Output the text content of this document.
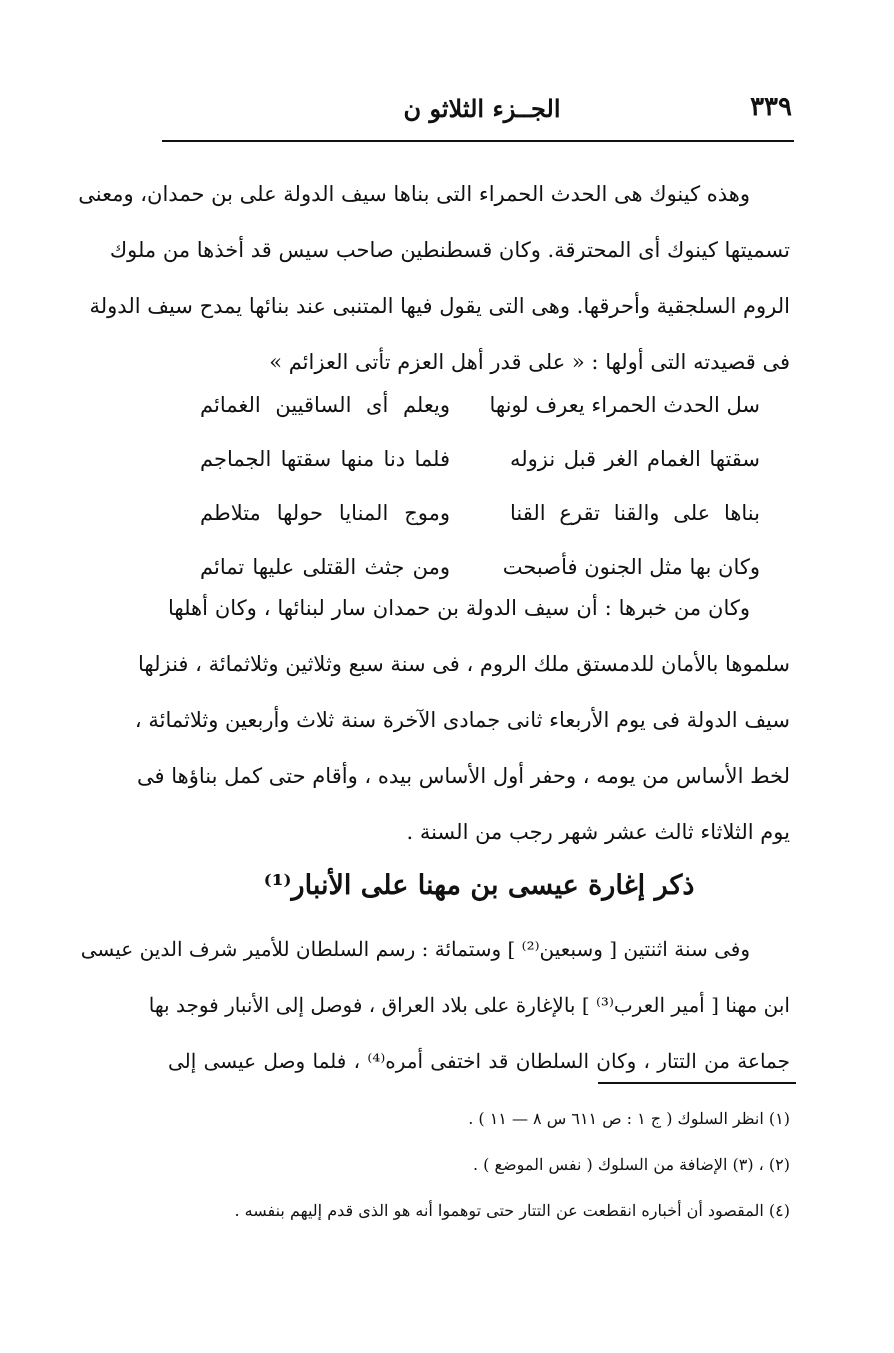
٣٣٩
الجــزء الثلاثو ن
وهذه كينوك هى الحدث الحمراء التى بناها سيف الدولة على بن حمدان، ومعنى
تسميتها كينوك أى المحترقة. وكان قسطنطين صاحب سيس قد أخذها من ملوك
الروم السلجقية وأحرقها. وهى التى يقول فيها المتنبى عند بنائها يمدح سيف الدولة
فى قصيدته التى أولها : « على قدر أهل العزم تأتى العزائم »
سل الحدث الحمراء يعرف لونها
ويعلم أى الساقيين الغمائم
سقتها الغمام الغر قبل نزوله
فلما دنا منها سقتها الجماجم
بناها على والقنا تقرع القنا
وموج المنايا حولها متلاطم
وكان بها مثل الجنون فأصبحت
ومن جثث القتلى عليها تمائم
وكان من خبرها : أن سيف الدولة بن حمدان سار لبنائها ، وكان أهلها
سلموها بالأمان للدمستق ملك الروم ، فى سنة سبع وثلاثين وثلاثمائة ، فنزلها
سيف الدولة فى يوم الأربعاء ثانى جمادى الآخرة سنة ثلاث وأربعين وثلاثمائة ،
لخط الأساس من يومه ، وحفر أول الأساس بيده ، وأقام حتى كمل بناؤها فى
يوم الثلاثاء ثالث عشر شهر رجب من السنة .
ذكر إغارة عيسى بن مهنا على الأنبار⁽¹⁾
وفى سنة اثنتين [ وسبعين⁽²⁾ ] وستمائة : رسم السلطان للأمير شرف الدين عيسى
ابن مهنا [ أمير العرب⁽³⁾ ] بالإغارة على بلاد العراق ، فوصل إلى الأنبار فوجد بها
جماعة من التتار ، وكان السلطان قد اختفى أمره⁽⁴⁾ ، فلما وصل عيسى إلى
(١) انظر السلوك ( ج ١ : ص ٦١١ س ٨ — ١١ ) .
(٢) ، (٣) الإضافة من السلوك ( نفس الموضع ) .
(٤) المقصود أن أخباره انقطعت عن التتار حتى توهموا أنه هو الذى قدم إليهم بنفسه .
